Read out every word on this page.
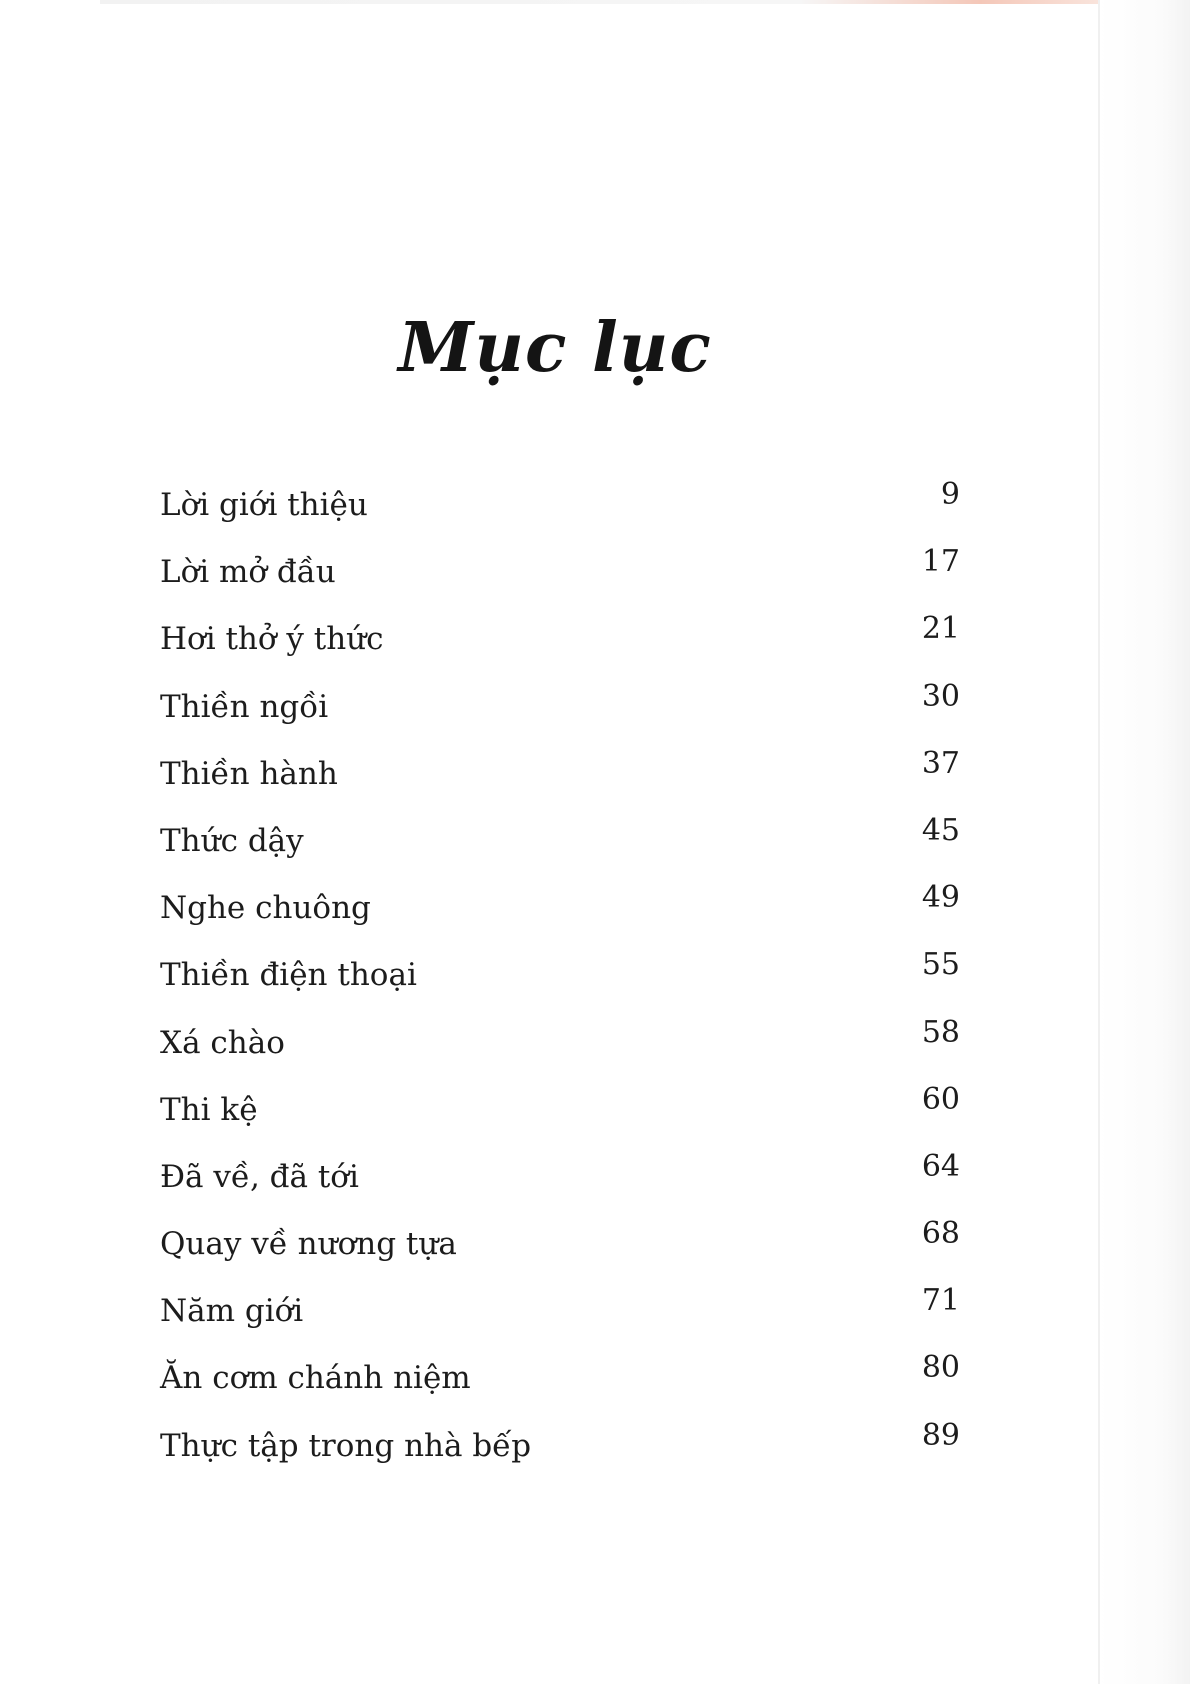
Mục lục
Lời giới thiệu	9
Lời mở đầu	17
Hơi thở ý thức	21
Thiền ngồi	30
Thiền hành	37
Thức dậy	45
Nghe chuông	49
Thiền điện thoại	55
Xá chào	58
Thi kệ	60
Đã về, đã tới	64
Quay về nương tựa	68
Năm giới	71
Ăn cơm chánh niệm	80
Thực tập trong nhà bếp	89
